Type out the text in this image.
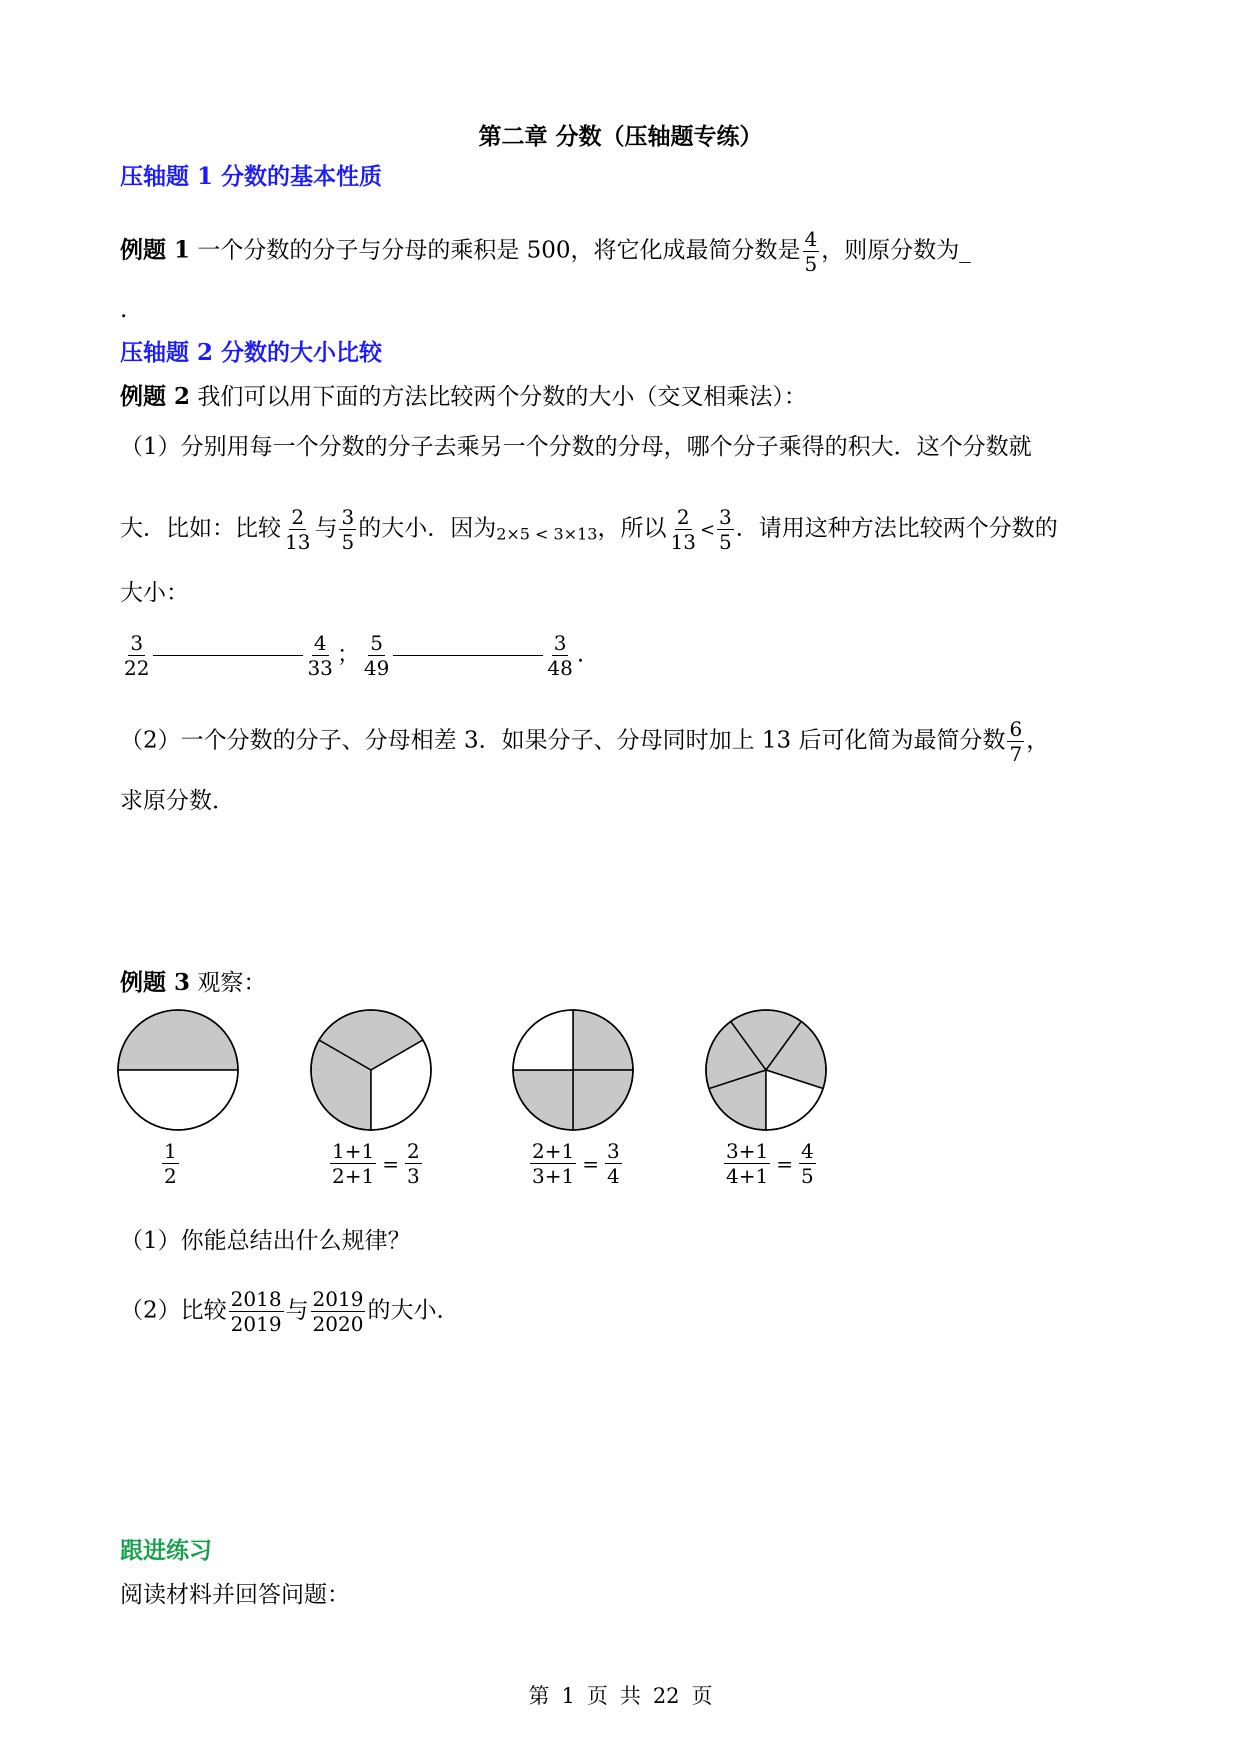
第二章 分数（压轴题专练）
压轴题 1 分数的基本性质
例题 1 一个分数的分子与分母的乘积是 500，将它化成最简分数是 $\frac{4}{5}$ ，则原分数为_
.
压轴题 2 分数的大小比较
例题 2 我们可以用下面的方法比较两个分数的大小（交叉相乘法）：
（1）分别用每一个分数的分子去乘另一个分数的分母，哪个分子乘得的积大．这个分数就
大．比如：比较 $\frac{2}{13}$ 与 $\frac{3}{5}$ 的大小．因为2×5 < 3×13，所以 $\frac{2}{13} < \frac{3}{5}$ ．请用这种方法比较两个分数的
大小：
$\frac{3}{22}$	$\frac{4}{33}$ ； $\frac{5}{49}$	$\frac{3}{48}$ .
（2）一个分数的分子、分母相差 3．如果分子、分母同时加上 13 后可化简为最简分数 $\frac{6}{7}$ ，
求原分数．
例题 3 观察：
$\frac{1}{2}$	$\frac{1+1}{2+1} = \frac{2}{3}$	$\frac{2+1}{3+1} = \frac{3}{4}$	$\frac{3+1}{4+1} = \frac{4}{5}$
（1）你能总结出什么规律？
（2）比较 $\frac{2018}{2019}$ 与 $\frac{2019}{2020}$ 的大小．
跟进练习
阅读材料并回答问题：
第 1 页 共 22 页
